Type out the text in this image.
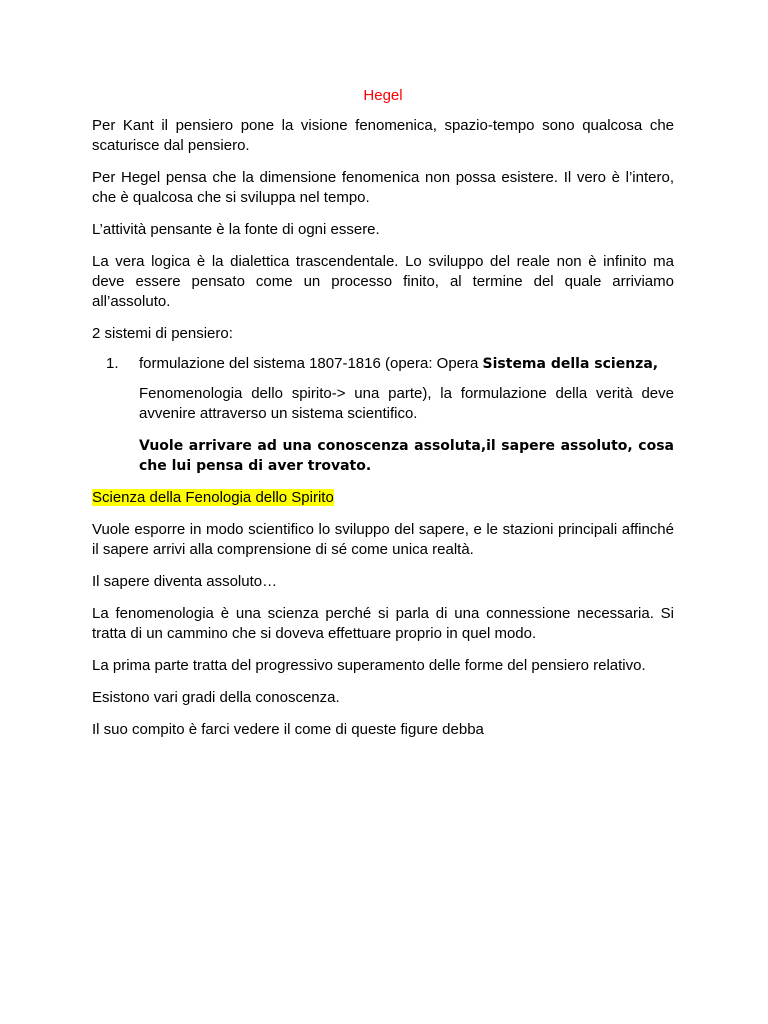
Hegel

Per Kant il pensiero pone la visione fenomenica, spazio-tempo sono qualcosa che scaturisce dal pensiero.

Per Hegel pensa che la dimensione fenomenica non possa esistere. Il vero è l’intero, che è qualcosa che si sviluppa nel tempo.

L’attività pensante è la fonte di ogni essere.

La vera logica è la dialettica trascendentale. Lo sviluppo del reale non è infinito ma deve essere pensato come un processo finito, al termine del quale arriviamo all’assoluto.

2 sistemi di pensiero:

1. formulazione del sistema 1807-1816 (opera: Opera Sistema della scienza,
Fenomenologia dello spirito-> una parte), la formulazione della verità deve avvenire attraverso un sistema scientifico.
Vuole arrivare ad una conoscenza assoluta,il sapere assoluto, cosa che lui pensa di aver trovato.

Scienza della Fenologia dello Spirito

Vuole esporre in modo scientifico lo sviluppo del sapere, e le stazioni principali affinché il sapere arrivi alla comprensione di sé come unica realtà.

Il sapere diventa assoluto…

La fenomenologia è una scienza perché si parla di una connessione necessaria. Si tratta di un cammino che si doveva effettuare proprio in quel modo.

La prima parte tratta del progressivo superamento delle forme del pensiero relativo.

Esistono vari gradi della conoscenza.

Il suo compito è farci vedere il come di queste figure debba
